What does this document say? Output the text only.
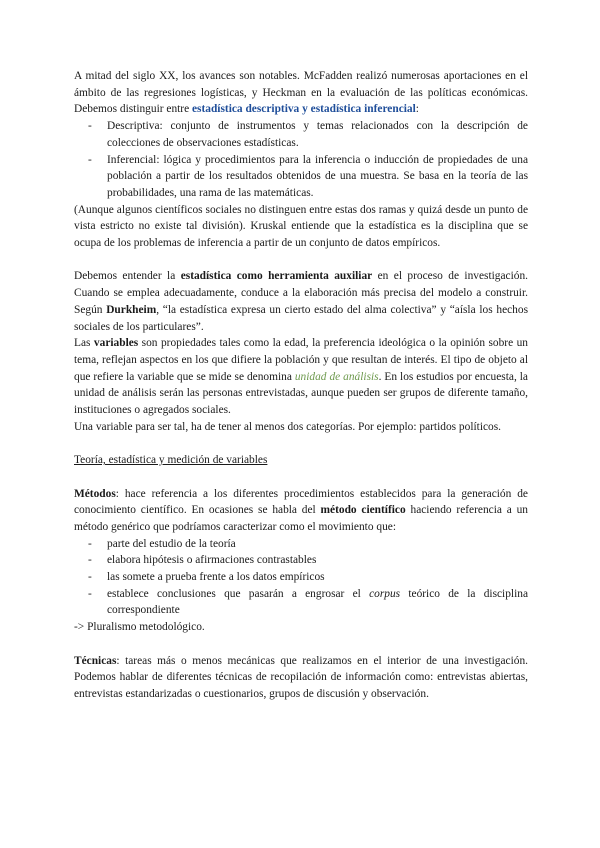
A mitad del siglo XX, los avances son notables. McFadden realizó numerosas aportaciones en el ámbito de las regresiones logísticas, y Heckman en la evaluación de las políticas económicas. Debemos distinguir entre estadística descriptiva y estadística inferencial:

- Descriptiva: conjunto de instrumentos y temas relacionados con la descripción de colecciones de observaciones estadísticas.
- Inferencial: lógica y procedimientos para la inferencia o inducción de propiedades de una población a partir de los resultados obtenidos de una muestra. Se basa en la teoría de las probabilidades, una rama de las matemáticas.

(Aunque algunos científicos sociales no distinguen entre estas dos ramas y quizá desde un punto de vista estricto no existe tal división). Kruskal entiende que la estadística es la disciplina que se ocupa de los problemas de inferencia a partir de un conjunto de datos empíricos.

Debemos entender la estadística como herramienta auxiliar en el proceso de investigación. Cuando se emplea adecuadamente, conduce a la elaboración más precisa del modelo a construir. Según Durkheim, “la estadística expresa un cierto estado del alma colectiva” y “aísla los hechos sociales de los particulares”.

Las variables son propiedades tales como la edad, la preferencia ideológica o la opinión sobre un tema, reflejan aspectos en los que difiere la población y que resultan de interés. El tipo de objeto al que refiere la variable que se mide se denomina unidad de análisis. En los estudios por encuesta, la unidad de análisis serán las personas entrevistadas, aunque pueden ser grupos de diferente tamaño, instituciones o agregados sociales.

Una variable para ser tal, ha de tener al menos dos categorías. Por ejemplo: partidos políticos.

Teoría, estadística y medición de variables

Métodos: hace referencia a los diferentes procedimientos establecidos para la generación de conocimiento científico. En ocasiones se habla del método científico haciendo referencia a un método genérico que podríamos caracterizar como el movimiento que:

- parte del estudio de la teoría
- elabora hipótesis o afirmaciones contrastables
- las somete a prueba frente a los datos empíricos
- establece conclusiones que pasarán a engrosar el corpus teórico de la disciplina correspondiente

-> Pluralismo metodológico.

Técnicas: tareas más o menos mecánicas que realizamos en el interior de una investigación. Podemos hablar de diferentes técnicas de recopilación de información como: entrevistas abiertas, entrevistas estandarizadas o cuestionarios, grupos de discusión y observación.
